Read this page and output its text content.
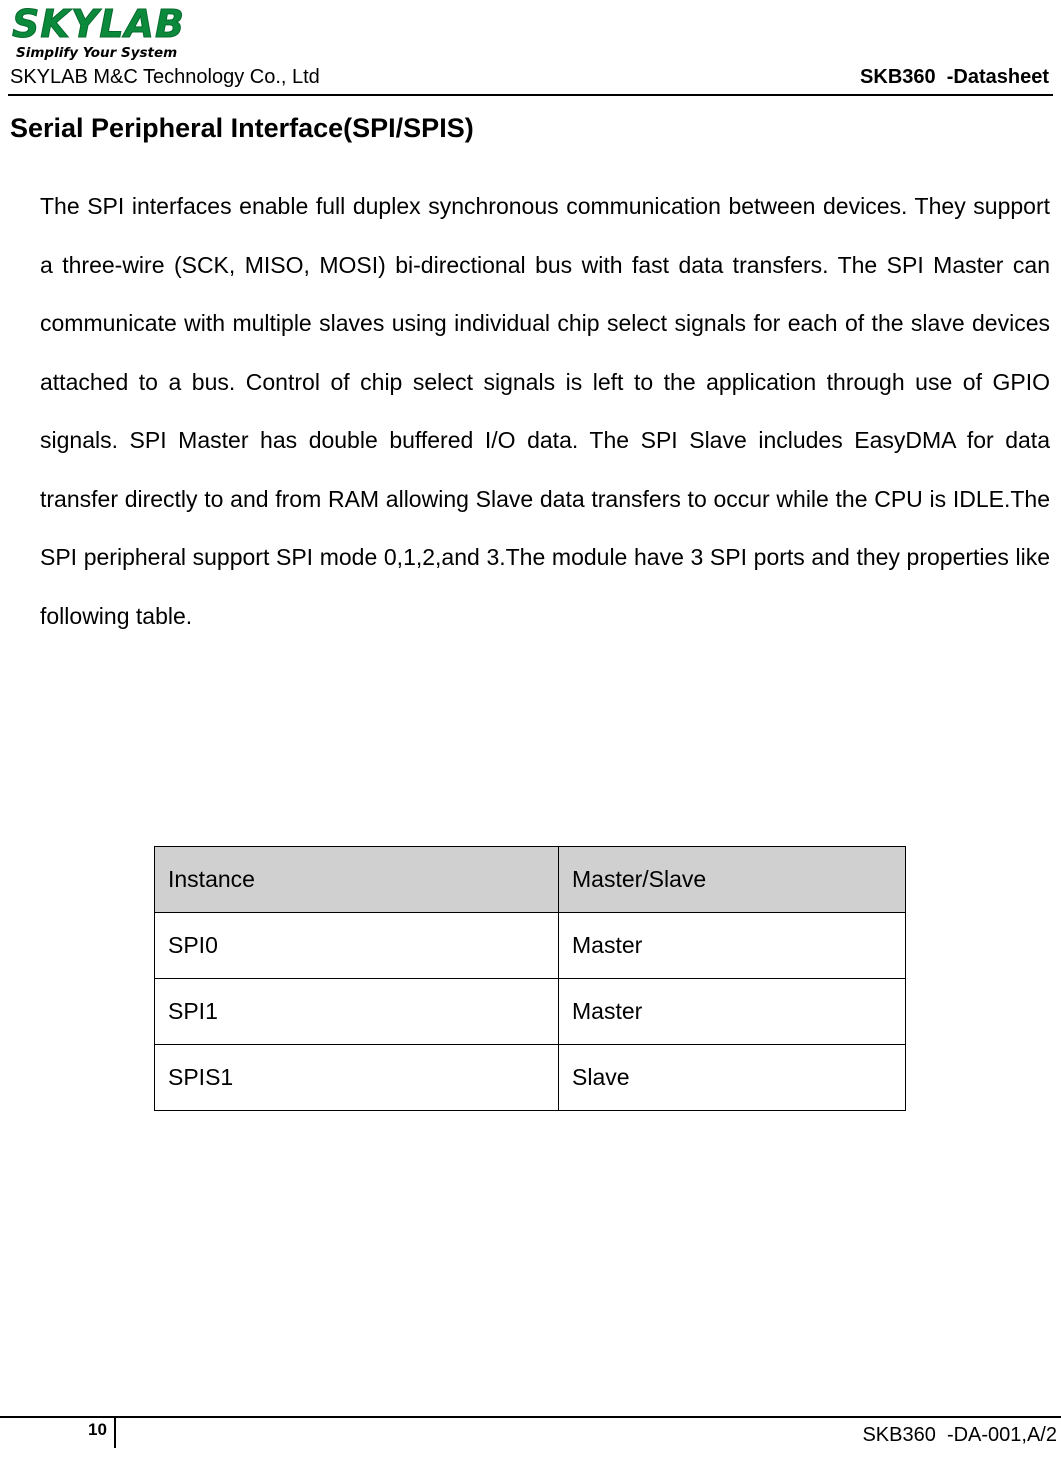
SKYLAB
Simplify Your System
SKYLAB M&C Technology Co., Ltd	SKB360  -Datasheet
Serial Peripheral Interface(SPI/SPIS)

The SPI interfaces enable full duplex synchronous communication between devices. They support a three-wire (SCK, MISO, MOSI) bi-directional bus with fast data transfers. The SPI Master can communicate with multiple slaves using individual chip select signals for each of the slave devices attached to a bus. Control of chip select signals is left to the application through use of GPIO signals. SPI Master has double buffered I/O data. The SPI Slave includes EasyDMA for data transfer directly to and from RAM allowing Slave data transfers to occur while the CPU is IDLE.The SPI peripheral support SPI mode 0,1,2,and 3.The module have 3 SPI ports and they properties like following table.

Instance	Master/Slave
SPI0	Master
SPI1	Master
SPIS1	Slave
10	SKB360  -DA-001,A/2
